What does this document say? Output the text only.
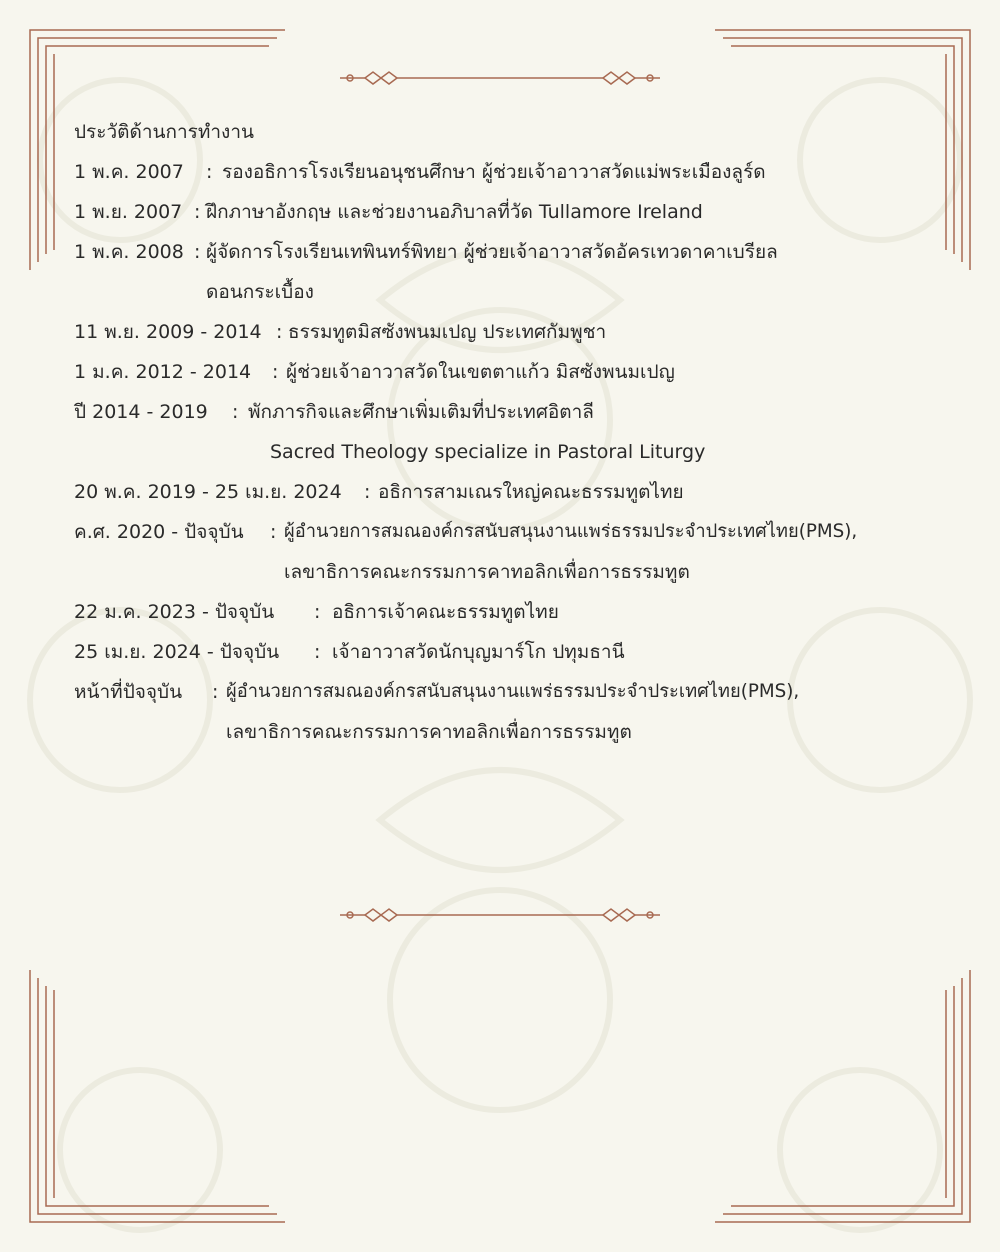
ประวัติด้านการทำงาน
1 พ.ค. 2007 : รองอธิการโรงเรียนอนุชนศึกษา ผู้ช่วยเจ้าอาวาสวัดแม่พระเมืองลูร์ด
1 พ.ย. 2007 : ฝึกภาษาอังกฤษ และช่วยงานอภิบาลที่วัด Tullamore Ireland
1 พ.ค. 2008 : ผู้จัดการโรงเรียนเทพินทร์พิทยา ผู้ช่วยเจ้าอาวาสวัดอัครเทวดาคาเบรียล
ดอนกระเบื้อง
11 พ.ย. 2009 - 2014 : ธรรมทูตมิสซังพนมเปญ ประเทศกัมพูชา
1 ม.ค. 2012 - 2014 : ผู้ช่วยเจ้าอาวาสวัดในเขตตาแก้ว มิสซังพนมเปญ
ปี 2014 - 2019 : พักภารกิจและศึกษาเพิ่มเติมที่ประเทศอิตาลี
Sacred Theology specialize in Pastoral Liturgy
20 พ.ค. 2019 - 25 เม.ย. 2024 : อธิการสามเณรใหญ่คณะธรรมทูตไทย
ค.ศ. 2020 - ปัจจุบัน : ผู้อำนวยการสมณองค์กรสนับสนุนงานแพร่ธรรมประจำประเทศไทย(PMS),
เลขาธิการคณะกรรมการคาทอลิกเพื่อการธรรมทูต
22 ม.ค. 2023 - ปัจจุบัน : อธิการเจ้าคณะธรรมทูตไทย
25 เม.ย. 2024 - ปัจจุบัน : เจ้าอาวาสวัดนักบุญมาร์โก ปทุมธานี
หน้าที่ปัจจุบัน : ผู้อำนวยการสมณองค์กรสนับสนุนงานแพร่ธรรมประจำประเทศไทย(PMS),
เลขาธิการคณะกรรมการคาทอลิกเพื่อการธรรมทูต
